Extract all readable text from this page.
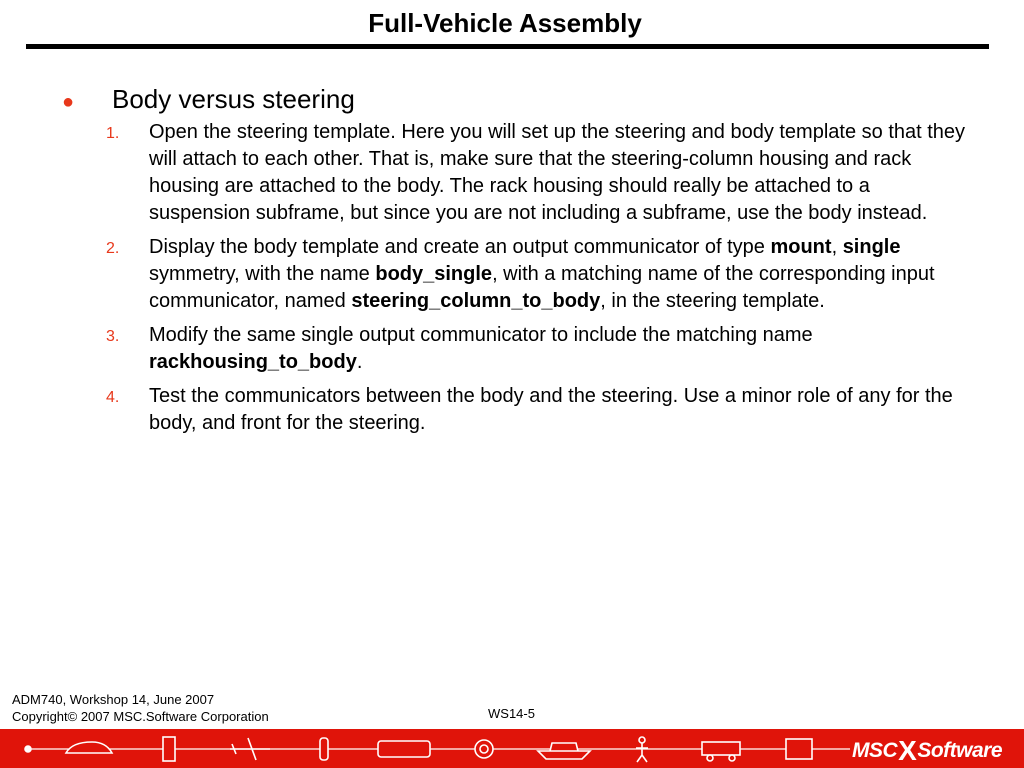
Full-Vehicle Assembly
●	Body versus steering
1.	Open the steering template. Here you will set up the steering and body template so that they will attach to each other. That is, make sure that the steering-column housing and rack housing are attached to the body. The rack housing should really be attached to a suspension subframe, but since you are not including a subframe, use the body instead.
2.	Display the body template and create an output communicator of type mount, single symmetry, with the name body_single, with a matching name of the corresponding input communicator, named steering_column_to_body, in the steering template.
3.	Modify the same single output communicator to include the matching name rackhousing_to_body.
4.	Test the communicators between the body and the steering. Use a minor role of any for the body, and front for the steering.
ADM740, Workshop 14, June 2007
Copyright© 2007 MSC.Software Corporation	WS14-5
MSCXSoftware
